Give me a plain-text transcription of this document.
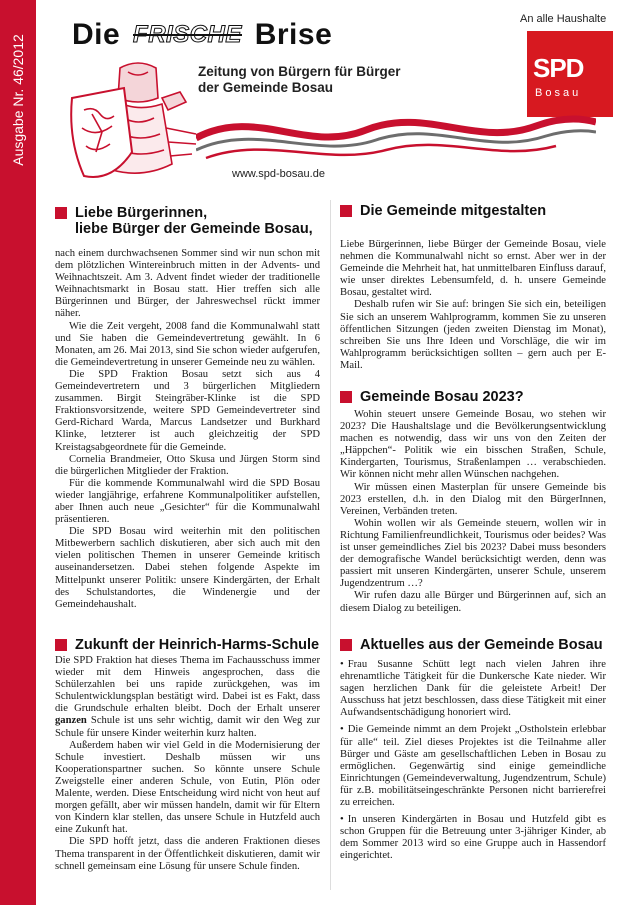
Ausgabe Nr. 46/2012 Die FRISCHE Brise
Zeitung von Bürgern für Bürger
der Gemeinde Bosau
An alle Haushalte
SPD
Bosau
www.spd-bosau.de
Liebe Bürgerinnen,
liebe Bürger der Gemeinde Bosau,

nach einem durchwachsenen Sommer sind wir nun schon mit dem plötzlichen Wintereinbruch mitten in der Advents- und Weihnachtszeit. Am 3. Advent findet wieder der traditionelle Weihnachtsmarkt in Bosau statt. Hier treffen sich alle Bürgerinnen und Bürger, der Jahreswechsel rückt immer näher.

Wie die Zeit vergeht, 2008 fand die Kommunalwahl statt und Sie haben die Gemeindevertretung gewählt. In 6 Monaten, am 26. Mai 2013, sind Sie schon wieder aufgerufen, die Gemeindevertretung in unserer Gemeinde neu zu wählen.

Die SPD Fraktion Bosau setzt sich aus 4 Gemeindevertretern und 3 bürgerlichen Mitgliedern zusammen. Birgit Steingräber-Klinke ist die SPD Fraktionsvorsitzende, weitere SPD Gemeindevertreter sind Gerd-Richard Warda, Marcus Landsetzer und Burkhard Klinke, letzterer ist auch gleichzeitig der SPD Kreistagsabgeordnete für die Gemeinde.

Cornelia Brandmeier, Otto Skusa und Jürgen Storm sind die bürgerlichen Mitglieder der Fraktion.

Für die kommende Kommunalwahl wird die SPD Bosau wieder langjährige, erfahrene Kommunalpolitiker aufstellen, aber Ihnen auch neue „Gesichter“ für die Kommunalwahl präsentieren.

Die SPD Bosau wird weiterhin mit den politischen Mitbewerbern sachlich diskutieren, aber sich auch mit den vielen politischen Themen in unserer Gemeinde kritisch auseinandersetzen. Dabei stehen folgende Aspekte im Mittelpunkt unserer Politik: unsere Kindergärten, der Erhalt des Schulstandortes, die Windenergie und der Gemeindehaushalt.

Zukunft der Heinrich-Harms-Schule

Die SPD Fraktion hat dieses Thema im Fachausschuss immer wieder mit dem Hinweis angesprochen, dass die Schülerzahlen bei uns rapide zurückgehen, was im Schulentwicklungsplan bestätigt wird. Dabei ist es Fakt, dass die Grundschule erhalten bleibt. Doch der Erhalt unserer ganzen Schule ist uns sehr wichtig, damit wir den Weg zur Schule für unsere Kinder weiterhin kurz halten.

Außerdem haben wir viel Geld in die Modernisierung der Schule investiert. Deshalb müssen wir uns Kooperationspartner suchen. So könnte unsere Schule Zweigstelle einer anderen Schule, von Eutin, Plön oder Malente, werden. Diese Entscheidung wird nicht von heut auf morgen gefällt, aber wir müssen handeln, damit wir für Eltern von Kindern klar stellen, das unsere Schule in Hutzfeld auch eine Zukunft hat.

Die SPD hofft jetzt, dass die anderen Fraktionen dieses Thema transparent in der Öffentlichkeit diskutieren, damit wir schnell gemeinsam eine Lösung für unsere Schule finden.

Die Gemeinde mitgestalten

Liebe Bürgerinnen, liebe Bürger der Gemeinde Bosau, viele nehmen die Kommunalwahl nicht so ernst. Aber wer in der Gemeinde die Mehrheit hat, hat unmittelbaren Einfluss darauf, wie unser direktes Lebensumfeld, d. h. unsere Gemeinde Bosau, gestaltet wird.

Deshalb rufen wir Sie auf: bringen Sie sich ein, beteiligen Sie sich an unserem Wahlprogramm, kommen Sie zu unseren öffentlichen Sitzungen (jeden zweiten Dienstag im Monat), schreiben Sie uns Ihre Ideen und Vorschläge, die wir im Wahlprogramm berücksichtigen sollten – gern auch per E-Mail.

Gemeinde Bosau 2023?

Wohin steuert unsere Gemeinde Bosau, wo stehen wir 2023? Die Haushaltslage und die Bevölkerungsentwicklung machen es notwendig, dass wir uns von den Zeiten der „Häppchen“- Politik wie ein bisschen Straßen, Schule, Kindergarten, Tourismus, Straßenlampen … verabschieden. Wir können nicht mehr allen Wünschen nachgehen.

Wir müssen einen Masterplan für unsere Gemeinde bis 2023 erstellen, d.h. in den Dialog mit den BürgerInnen, Vereinen, Verbänden treten.

Wohin wollen wir als Gemeinde steuern, wollen wir in Richtung Familienfreundlichkeit, Tourismus oder beides? Was ist unser gemeindliches Ziel bis 2023? Dabei muss besonders der demografische Wandel berücksichtigt werden, denn was passiert mit unseren Kindergärten, unserer Schule, unserem Jugendzentrum …?

Wir rufen dazu alle Bürger und Bürgerinnen auf, sich an diesem Dialog zu beteiligen.

Aktuelles aus der Gemeinde Bosau
• Frau Susanne Schütt legt nach vielen Jahren ihre ehrenamtliche Tätigkeit für die Dunkersche Kate nieder. Wir sagen herzlichen Dank für die geleistete Arbeit! Der Ausschuss hat jetzt beschlossen, dass diese Tätigkeit mit einer Aufwandsentschädigung honoriert wird.
• Die Gemeinde nimmt an dem Projekt „Ostholstein erlebbar für alle“ teil. Ziel dieses Projektes ist die Teilnahme aller Bürger und Gäste am gesellschaftlichen Leben in Bosau zu ermöglichen. Gegenwärtig sind einige gemeindliche Einrichtungen (Gemeindeverwaltung, Jugendzentrum, Schule) für z.B. mobilitätseingeschränkte Personen nicht barrierefrei zu erreichen.
• In unseren Kindergärten in Bosau und Hutzfeld gibt es schon Gruppen für die Betreuung unter 3-jähriger Kinder, ab dem Sommer 2013 wird so eine Gruppe auch in Hassendorf eingerichtet.
